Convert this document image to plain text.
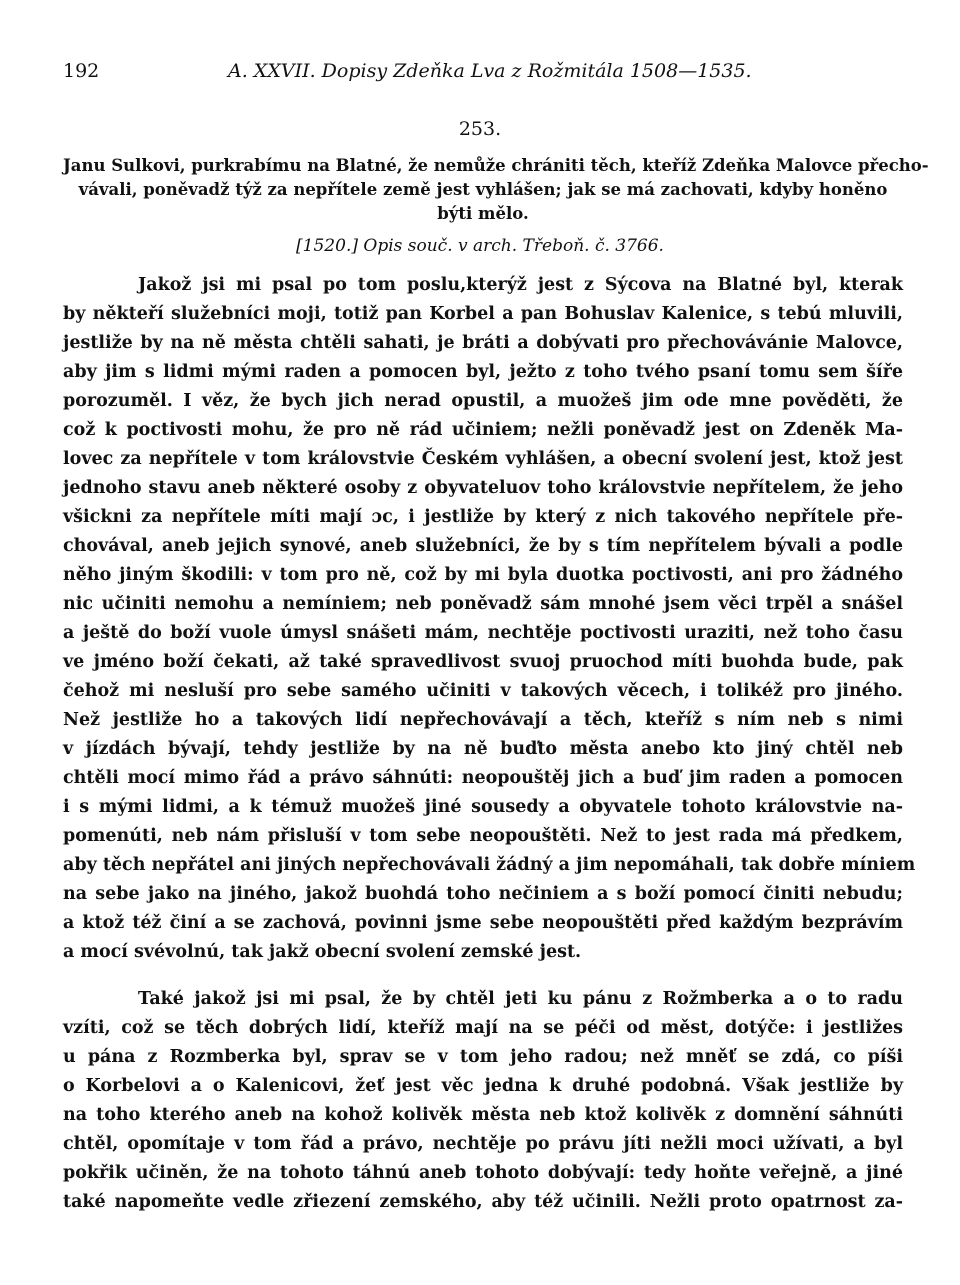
192	A. XXVII. Dopisy Zdeňka Lva z Rožmitála 1508—1535.
253.
Janu Sulkovi, purkrabímu na Blatné, že nemůže chrániti těch, kteříž Zdeňka Malovce přecho-
vávali, poněvadž týž za nepřítele země jest vyhlášen; jak se má zachovati, kdyby honěno
býti mělo.
[1520.] Opis souč. v arch. Třeboň. č. 3766.
Jakož jsi mi psal po tom poslu,kterýž jest z Sýcova na Blatné byl, kterak
by někteří služebníci moji, totiž pan Korbel a pan Bohuslav Kalenice, s tebú mluvili,
jestliže by na ně města chtěli sahati, je bráti a dobývati pro přechovávánie Malovce,
aby jim s lidmi mými raden a pomocen byl, ježto z toho tvého psaní tomu sem šíře
porozuměl. I věz, že bych jich nerad opustil, a muožeš jim ode mne pověděti, že
což k poctivosti mohu, že pro ně rád učiniem; nežli poněvadž jest on Zdeněk Ma-
lovec za nepřítele v tom královstvie Českém vyhlášen, a obecní svolení jest, ktož jest
jednoho stavu aneb některé osoby z obyvateluov toho královstvie nepřítelem, že jeho
všickni za nepřítele míti mají ɔc, i jestliže by který z nich takového nepřítele pře-
chovával, aneb jejich synové, aneb služebníci, že by s tím nepřítelem bývali a podle
něho jiným škodili: v tom pro ně, což by mi byla duotka poctivosti, ani pro žádného
nic učiniti nemohu a nemíniem; neb poněvadž sám mnohé jsem věci trpěl a snášel
a ještě do boží vuole úmysl snášeti mám, nechtěje poctivosti uraziti, než toho času
ve jméno boží čekati, až také spravedlivost svuoj pruochod míti buohda bude, pak
čehož mi nesluší pro sebe samého učiniti v takových věcech, i tolikéž pro jiného.
Než jestliže ho a takových lidí nepřechovávají a těch, kteříž s ním neb s nimi
v jízdách bývají, tehdy jestliže by na ně buďto města anebo kto jiný chtěl neb
chtěli mocí mimo řád a právo sáhnúti: neopouštěj jich a buď jim raden a pomocen
i s mými lidmi, a k témuž muožeš jiné sousedy a obyvatele tohoto královstvie na-
pomenúti, neb nám přisluší v tom sebe neopouštěti. Než to jest rada má předkem,
aby těch nepřátel ani jiných nepřechovávali žádný a jim nepomáhali, tak dobře míniem
na sebe jako na jiného, jakož buohdá toho nečiniem a s boží pomocí činiti nebudu;
a ktož též činí a se zachová, povinni jsme sebe neopouštěti před každým bezprávím
a mocí svévolnú, tak jakž obecní svolení zemské jest.
Také jakož jsi mi psal, že by chtěl jeti ku pánu z Rožmberka a o to radu
vzíti, což se těch dobrých lidí, kteříž mají na se péči od měst, dotýče: i jestližes
u pána z Rozmberka byl, sprav se v tom jeho radou; než mněť se zdá, co píši
o Korbelovi a o Kalenicovi, žeť jest věc jedna k druhé podobná. Však jestliže by
na toho kterého aneb na kohož kolivěk města neb ktož kolivěk z domnění sáhnúti
chtěl, opomítaje v tom řád a právo, nechtěje po právu jíti nežli moci užívati, a byl
pokřik učiněn, že na tohoto táhnú aneb tohoto dobývají: tedy hoňte veřejně, a jiné
také napomeňte vedle zřiezení zemského, aby též učinili. Nežli proto opatrnost za-
